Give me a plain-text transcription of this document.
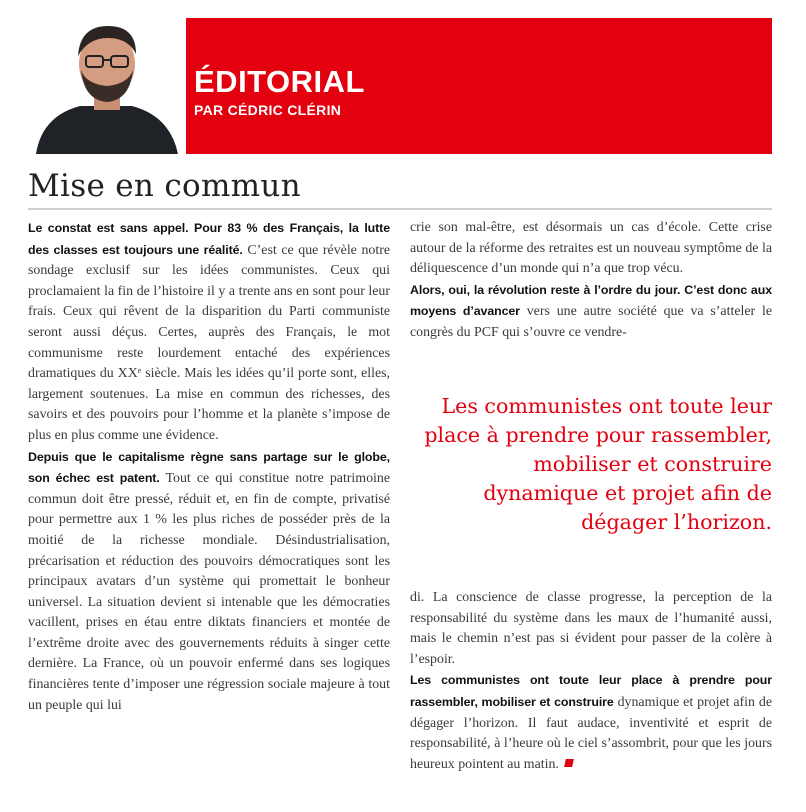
MAGALI BRAGARD	ÉDITORIAL
PAR CÉDRIC CLÉRIN
Mise en commun

Le constat est sans appel. Pour 83 % des Français, la lutte des classes est toujours une réalité. C’est ce que révèle notre sondage exclusif sur les idées communistes. Ceux qui proclamaient la fin de l’histoire il y a trente ans en sont pour leur frais. Ceux qui rêvent de la disparition du Parti communiste seront aussi déçus. Certes, auprès des Français, le mot communisme reste lourdement entaché des expériences dramatiques du XXᵉ siècle. Mais les idées qu’il porte sont, elles, largement soutenues. La mise en commun des richesses, des savoirs et des pouvoirs pour l’homme et la planète s’impose de plus en plus comme une évidence.

Depuis que le capitalisme règne sans partage sur le globe, son échec est patent. Tout ce qui constitue notre patrimoine commun doit être pressé, réduit et, en fin de compte, privatisé pour permettre aux 1 % les plus riches de posséder près de la moitié de la richesse mondiale. Désindustrialisation, précarisation et réduction des pouvoirs démocratiques sont les principaux avatars d’un système qui promettait le bonheur universel. La situation devient si intenable que les démocraties vacillent, prises en étau entre diktats financiers et montée de l’extrême droite avec des gouvernements réduits à singer cette dernière. La France, où un pouvoir enfermé dans ses logiques financières tente d’imposer une régression sociale majeure à tout un peuple qui lui

crie son mal-être, est désormais un cas d’école. Cette crise autour de la réforme des retraites est un nouveau symptôme de la déliquescence d’un monde qui n’a que trop vécu.

Alors, oui, la révolution reste à l’ordre du jour. C’est donc aux moyens d’avancer vers une autre société que va s’atteler le congrès du PCF qui s’ouvre ce vendre-

Les communistes ont toute leur place à prendre pour rassembler, mobiliser et construire dynamique et projet afin de dégager l’horizon.

di. La conscience de classe progresse, la perception de la responsabilité du système dans les maux de l’humanité aussi, mais le chemin n’est pas si évident pour passer de la colère à l’espoir.

Les communistes ont toute leur place à prendre pour rassembler, mobiliser et construire dynamique et projet afin de dégager l’horizon. Il faut audace, inventivité et esprit de responsabilité, à l’heure où le ciel s’assombrit, pour que les jours heureux pointent au matin.
